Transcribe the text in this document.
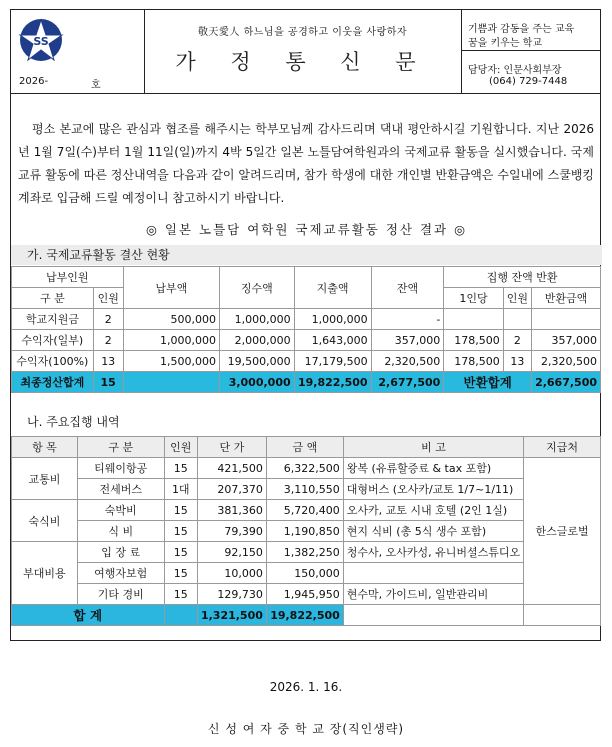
SS
2026-	호
敬天愛人 하느님을 공경하고 이웃을 사랑하자
가 정 통 신 문
기쁨과 감동을 주는 교육
꿈을 키우는 학교
담당자: 인문사회부장
(064) 729-7448
평소 본교에 많은 관심과 협조를 해주시는 학부모님께 감사드리며 댁내 평안하시길 기원합니다. 지난 2026년 1월 7일(수)부터 1월 11일(일)까지 4박 5일간 일본 노틀담여학원과의 국제교류 활동을 실시했습니다. 국제교류 활동에 따른 정산내역을 다음과 같이 알려드리며, 참가 학생에 대한 개인별 반환금액은 수일내에 스쿨뱅킹계좌로 입금해 드릴 예정이니 참고하시기 바랍니다.
◎ 일본 노틀담 여학원 국제교류활동 정산 결과 ◎
가. 국제교류활동 결산 현황
납부인원		납부액	징수액	지출액	잔액	집행 잔액 반환		
구 분	인원					1인당	인원	반환금액
학교지원금	2	500,000	1,000,000	1,000,000	-			
수익자(일부)	2	1,000,000	2,000,000	1,643,000	357,000	178,500	2	357,000
수익자(100%)	13	1,500,000	19,500,000	17,179,500	2,320,500	178,500	13	2,320,500
최종정산합계	15		3,000,000	19,822,500	2,677,500	반환합계		2,667,500
나. 주요집행 내역
항 목	구 분	인원	단 가	금 액	비 고	지급처
교통비	티웨이항공	15	421,500	6,322,500	왕복 (유류할증료 & tax 포함)	한스글로벌
	전세버스	1대	207,370	3,110,550	대형버스 (오사카/교토 1/7~1/11)	
숙식비	숙박비	15	381,360	5,720,400	오사카, 교토 시내 호텔 (2인 1실)	
	식 비	15	79,390	1,190,850	현지 식비 (총 5식 생수 포함)	
부대비용	입 장 료	15	92,150	1,382,250	청수사, 오사카성, 유니버셜스튜디오	
	여행자보험	15	10,000	150,000		
	기타 경비	15	129,730	1,945,950	현수막, 가이드비, 일반관리비	
합 계			1,321,500	19,822,500		
2026. 1. 16.
신 성 여 자 중 학 교 장(직인생략)
